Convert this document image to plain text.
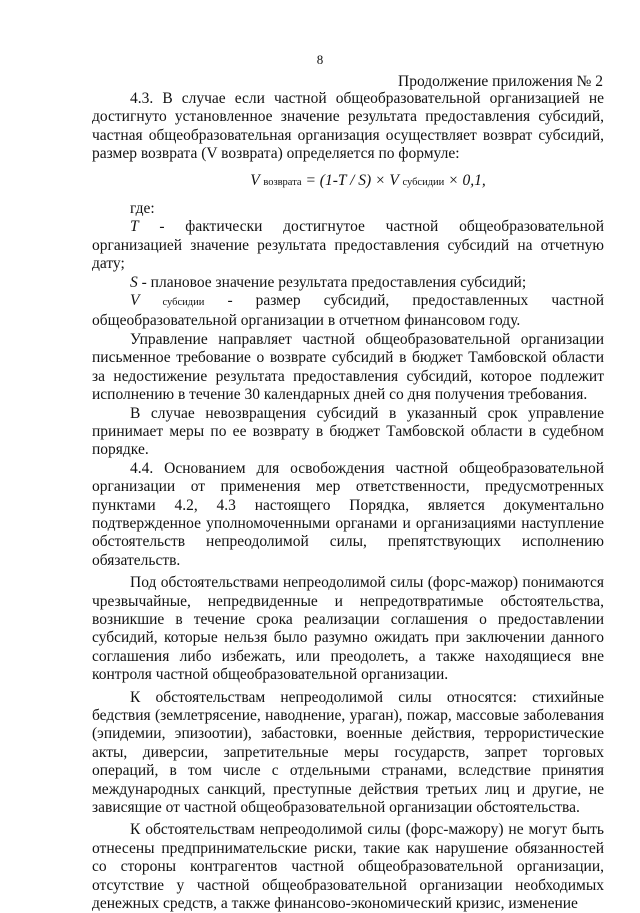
8
Продолжение приложения № 2

4.3. В случае если частной общеобразовательной организацией не достигнуто установленное значение результата предоставления субсидий, частная общеобразовательная организация осуществляет возврат субсидий, размер возврата (V возврата) определяется по формуле:

V возврата = (1-T / S) × V субсидии × 0,1,

где:

Т - фактически достигнутое частной общеобразовательной организацией значение результата предоставления субсидий на отчетную дату;

S - плановое значение результата предоставления субсидий;

V субсидии - размер субсидий, предоставленных частной общеобразовательной организации в отчетном финансовом году.

Управление направляет частной общеобразовательной организации письменное требование о возврате субсидий в бюджет Тамбовской области за недостижение результата предоставления субсидий, которое подлежит исполнению в течение 30 календарных дней со дня получения требования.

В случае невозвращения субсидий в указанный срок управление принимает меры по ее возврату в бюджет Тамбовской области в судебном порядке.

4.4. Основанием для освобождения частной общеобразовательной организации от применения мер ответственности, предусмотренных пунктами 4.2, 4.3 настоящего Порядка, является документально подтвержденное уполномоченными органами и организациями наступление обстоятельств непреодолимой силы, препятствующих исполнению обязательств.

Под обстоятельствами непреодолимой силы (форс-мажор) понимаются чрезвычайные, непредвиденные и непредотвратимые обстоятельства, возникшие в течение срока реализации соглашения о предоставлении субсидий, которые нельзя было разумно ожидать при заключении данного соглашения либо избежать, или преодолеть, а также находящиеся вне контроля частной общеобразовательной организации.

К обстоятельствам непреодолимой силы относятся: стихийные бедствия (землетрясение, наводнение, ураган), пожар, массовые заболевания (эпидемии, эпизоотии), забастовки, военные действия, террористические акты, диверсии, запретительные меры государств, запрет торговых операций, в том числе с отдельными странами, вследствие принятия международных санкций, преступные действия третьих лиц и другие, не зависящие от частной общеобразовательной организации обстоятельства.

К обстоятельствам непреодолимой силы (форс-мажору) не могут быть отнесены предпринимательские риски, такие как нарушение обязанностей со стороны контрагентов частной общеобразовательной организации, отсутствие у частной общеобразовательной организации необходимых денежных средств, а также финансово-экономический кризис, изменение
